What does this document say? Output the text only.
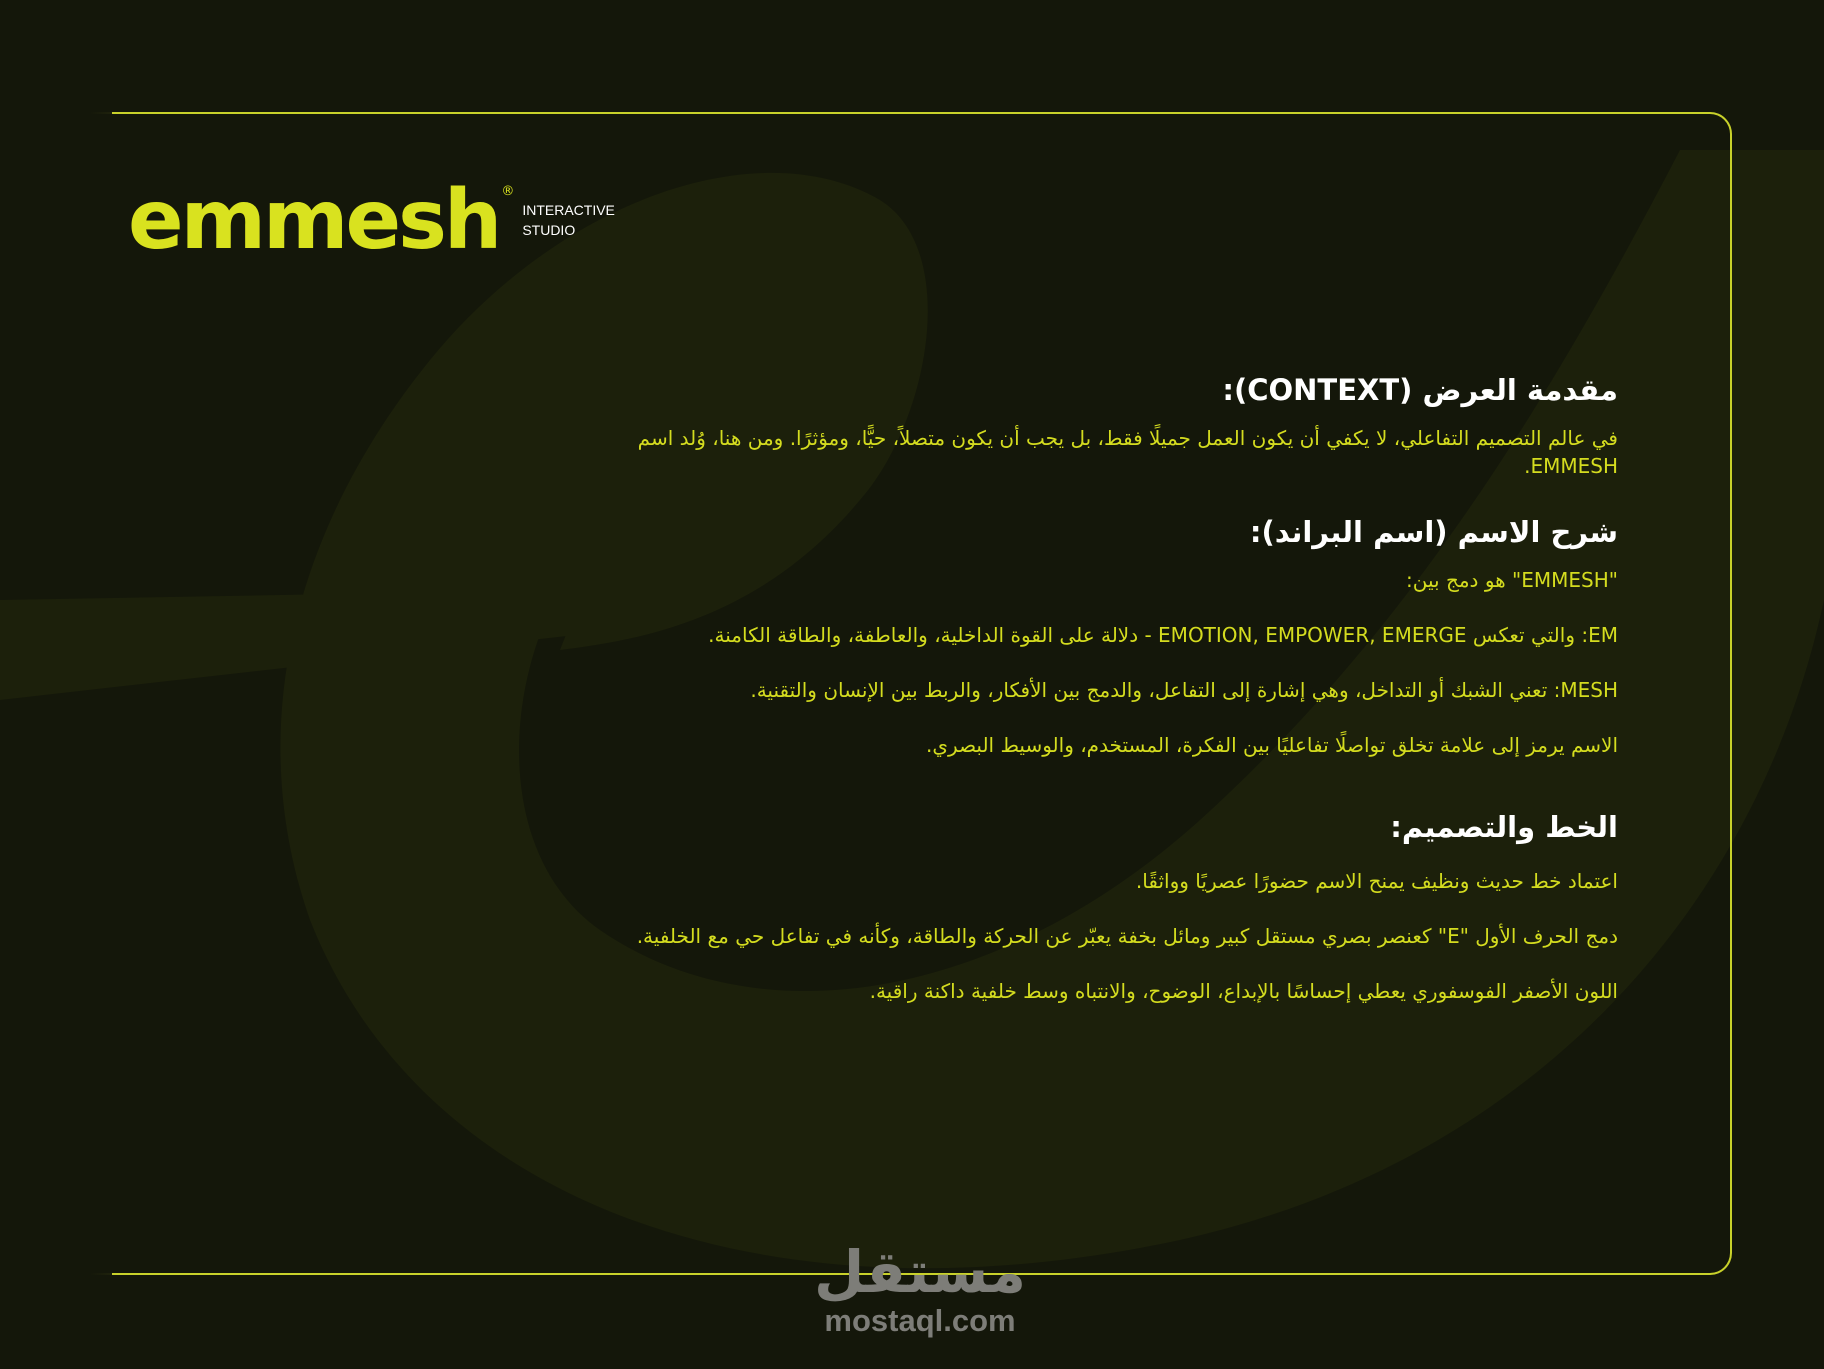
emmesh ®
INTERACTIVE
STUDIO
مقدمة العرض (CONTEXT):

في عالم التصميم التفاعلي، لا يكفي أن يكون العمل جميلًا فقط، بل يجب أن يكون متصلاً، حيًّا، ومؤثرًا. ومن هنا، وُلد اسم EMMESH.

شرح الاسم (اسم البراند):

"EMMESH" هو دمج بين:

EM: والتي تعكس EMOTION, EMPOWER, EMERGE - دلالة على القوة الداخلية، والعاطفة، والطاقة الكامنة.

MESH: تعني الشبك أو التداخل، وهي إشارة إلى التفاعل، والدمج بين الأفكار، والربط بين الإنسان والتقنية.

الاسم يرمز إلى علامة تخلق تواصلًا تفاعليًا بين الفكرة، المستخدم، والوسيط البصري.

الخط والتصميم:

اعتماد خط حديث ونظيف يمنح الاسم حضورًا عصريًا وواثقًا.

دمج الحرف الأول "E" كعنصر بصري مستقل كبير ومائل بخفة يعبّر عن الحركة والطاقة، وكأنه في تفاعل حي مع الخلفية.

اللون الأصفر الفوسفوري يعطي إحساسًا بالإبداع، الوضوح، والانتباه وسط خلفية داكنة راقية.

مستقل
mostaql.com
